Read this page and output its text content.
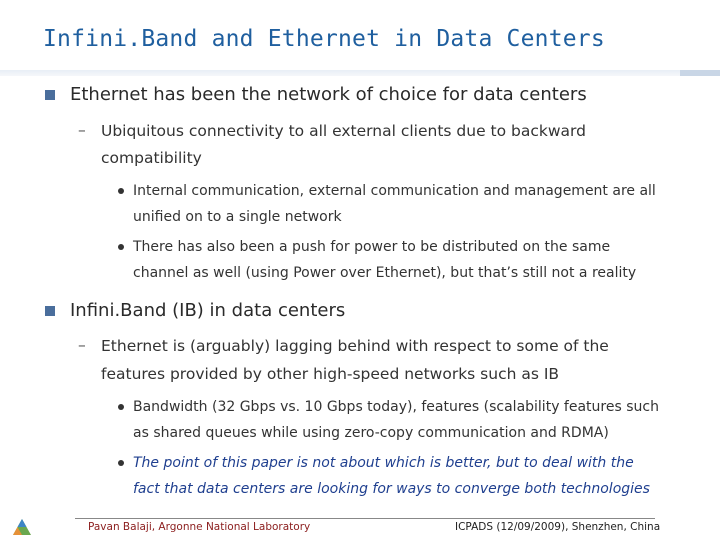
Infini.Band and Ethernet in Data Centers
Ethernet has been the network of choice for data centers
– Ubiquitous connectivity to all external clients due to backward
compatibility
Internal communication, external communication and management are all
unified on to a single network
There has also been a push for power to be distributed on the same
channel as well (using Power over Ethernet), but that’s still not a reality
Infini.Band (IB) in data centers
– Ethernet is (arguably) lagging behind with respect to some of the
features provided by other high-speed networks such as IB
Bandwidth (32 Gbps vs. 10 Gbps today), features (scalability features such
as shared queues while using zero-copy communication and RDMA)
The point of this paper is not about which is better, but to deal with the
fact that data centers are looking for ways to converge both technologies
Pavan Balaji, Argonne National Laboratory	ICPADS (12/09/2009), Shenzhen, China
